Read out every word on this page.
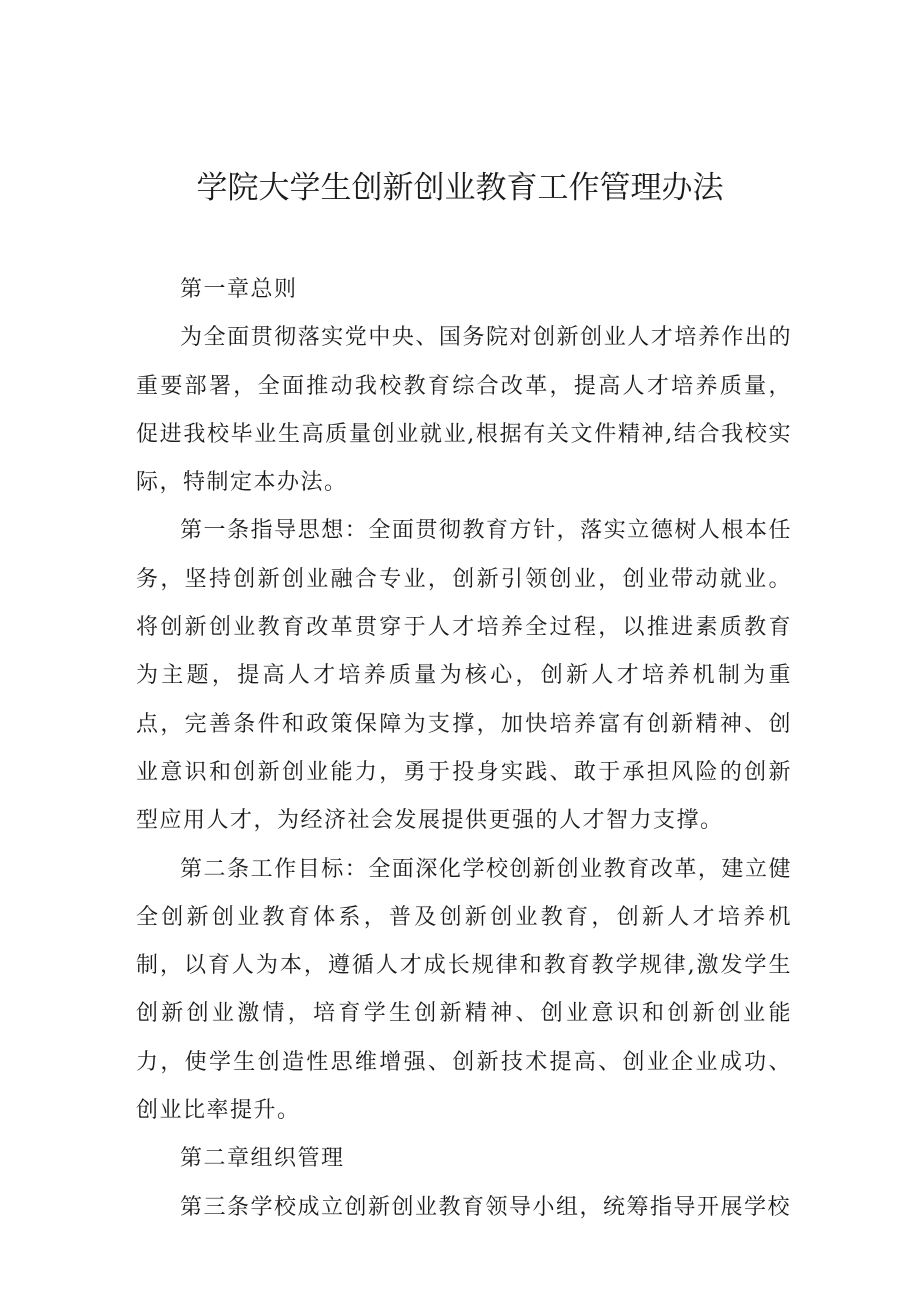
学院大学生创新创业教育工作管理办法

第一章总则

为全面贯彻落实党中央、国务院对创新创业人才培养作出的重要部署，全面推动我校教育综合改革，提高人才培养质量，促进我校毕业生高质量创业就业,根据有关文件精神,结合我校实际，特制定本办法。

第一条指导思想：全面贯彻教育方针，落实立德树人根本任务，坚持创新创业融合专业，创新引领创业，创业带动就业。将创新创业教育改革贯穿于人才培养全过程，以推进素质教育为主题，提高人才培养质量为核心，创新人才培养机制为重点，完善条件和政策保障为支撑，加快培养富有创新精神、创业意识和创新创业能力，勇于投身实践、敢于承担风险的创新型应用人才，为经济社会发展提供更强的人才智力支撑。

第二条工作目标：全面深化学校创新创业教育改革，建立健全创新创业教育体系，普及创新创业教育，创新人才培养机制，以育人为本，遵循人才成长规律和教育教学规律,激发学生创新创业激情，培育学生创新精神、创业意识和创新创业能力，使学生创造性思维增强、创新技术提高、创业企业成功、创业比率提升。

第二章组织管理

第三条学校成立创新创业教育领导小组，统筹指导开展学校
